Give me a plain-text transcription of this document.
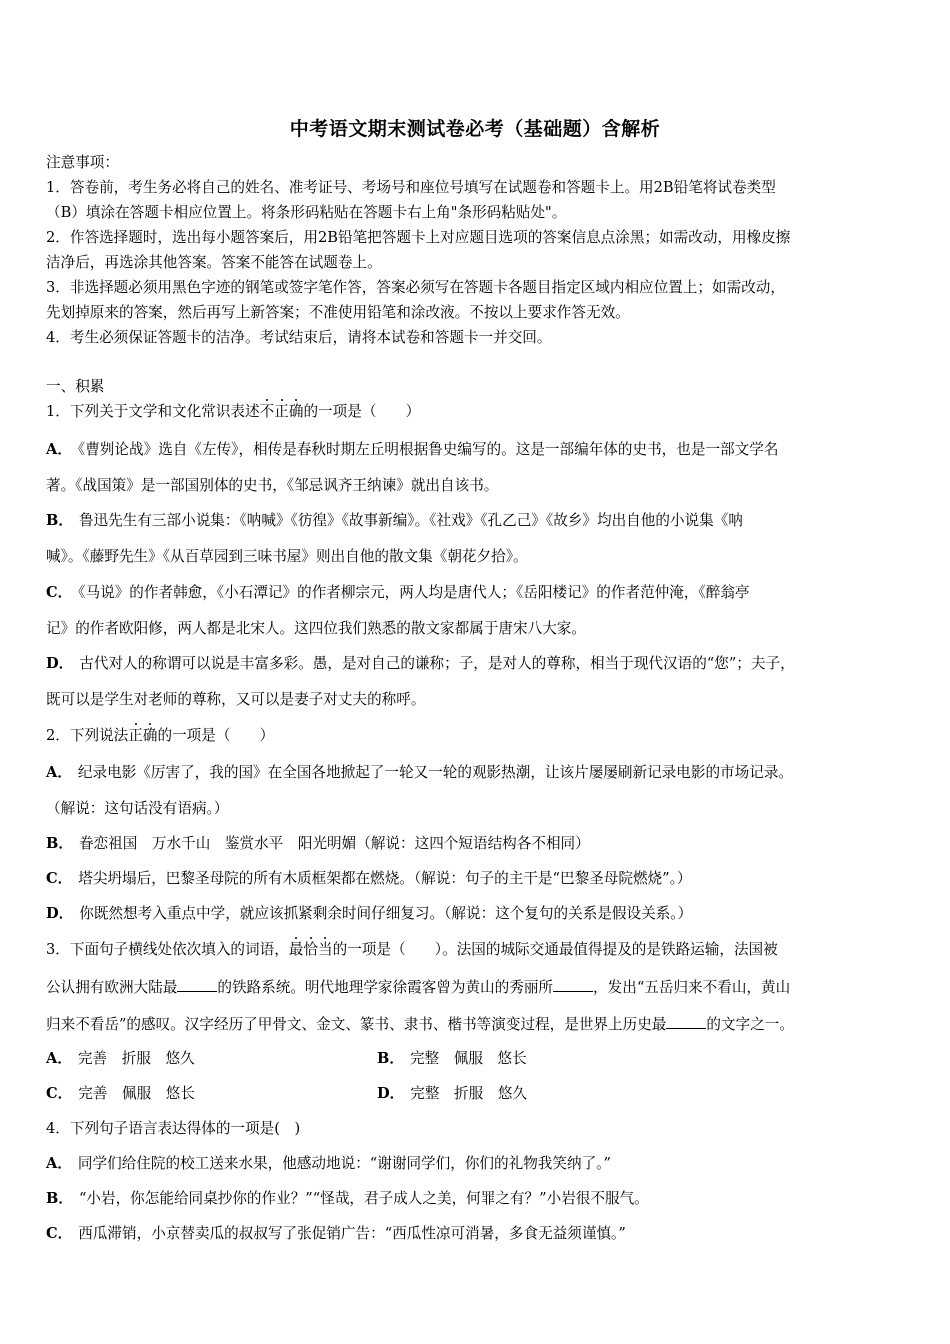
中考语文期末测试卷必考（基础题）含解析
注意事项：
1．答卷前，考生务必将自己的姓名、准考证号、考场号和座位号填写在试题卷和答题卡上。用2B铅笔将试卷类型
（B）填涂在答题卡相应位置上。将条形码粘贴在答题卡右上角"条形码粘贴处"。
2．作答选择题时，选出每小题答案后，用2B铅笔把答题卡上对应题目选项的答案信息点涂黑；如需改动，用橡皮擦
洁净后，再选涂其他答案。答案不能答在试题卷上。
3．非选择题必须用黑色字迹的钢笔或签字笔作答，答案必须写在答题卡各题目指定区域内相应位置上；如需改动，
先划掉原来的答案，然后再写上新答案；不准使用铅笔和涂改液。不按以上要求作答无效。
4．考生必须保证答题卡的洁净。考试结束后，请将本试卷和答题卡一并交回。
一、积累
1．下列关于文学和文化常识表述不正确的一项是（　　）
A． 《曹刿论战》选自《左传》，相传是春秋时期左丘明根据鲁史编写的。这是一部编年体的史书，也是一部文学名
著。《战国策》是一部国别体的史书，《邹忌讽齐王纳谏》就出自该书。
B． 鲁迅先生有三部小说集：《呐喊》《彷徨》《故事新编》。《社戏》《孔乙己》《故乡》均出自他的小说集《呐
喊》。《藤野先生》《从百草园到三味书屋》则出自他的散文集《朝花夕拾》。
C． 《马说》的作者韩愈，《小石潭记》的作者柳宗元，两人均是唐代人；《岳阳楼记》的作者范仲淹，《醉翁亭
记》的作者欧阳修，两人都是北宋人。这四位我们熟悉的散文家都属于唐宋八大家。
D． 古代对人的称谓可以说是丰富多彩。愚，是对自己的谦称；子，是对人的尊称，相当于现代汉语的“您”；夫子，
既可以是学生对老师的尊称，又可以是妻子对丈夫的称呼。
2．下列说法正确的一项是（　　）
A． 纪录电影《厉害了，我的国》在全国各地掀起了一轮又一轮的观影热潮，让该片屡屡刷新记录电影的市场记录。
（解说：这句话没有语病。）
B． 眷恋祖国　万水千山　鉴赏水平　阳光明媚（解说：这四个短语结构各不相同）
C． 塔尖坍塌后，巴黎圣母院的所有木质框架都在燃烧。（解说：句子的主干是“巴黎圣母院燃烧”。）
D． 你既然想考入重点中学，就应该抓紧剩余时间仔细复习。（解说：这个复句的关系是假设关系。）
3．下面句子横线处依次填入的词语，最恰当的一项是（　　）。法国的城际交通最值得提及的是铁路运输，法国被
公认拥有欧洲大陆最	的铁路系统。明代地理学家徐霞客曾为黄山的秀丽所	，发出“五岳归来不看山，黄山
归来不看岳”的感叹。汉字经历了甲骨文、金文、篆书、隶书、楷书等演变过程，是世界上历史最	的文字之一。
A． 完善　折服　悠久	B． 完整　佩服　悠长
C． 完善　佩服　悠长	D． 完整　折服　悠久
4．下列句子语言表达得体的一项是(　)
A． 同学们给住院的校工送来水果，他感动地说：“谢谢同学们，你们的礼物我笑纳了。”
B． “小岩，你怎能给同桌抄你的作业？”“怪哉，君子成人之美，何罪之有？”小岩很不服气。
C． 西瓜滞销，小京替卖瓜的叔叔写了张促销广告：“西瓜性凉可消暑，多食无益须谨慎。”
